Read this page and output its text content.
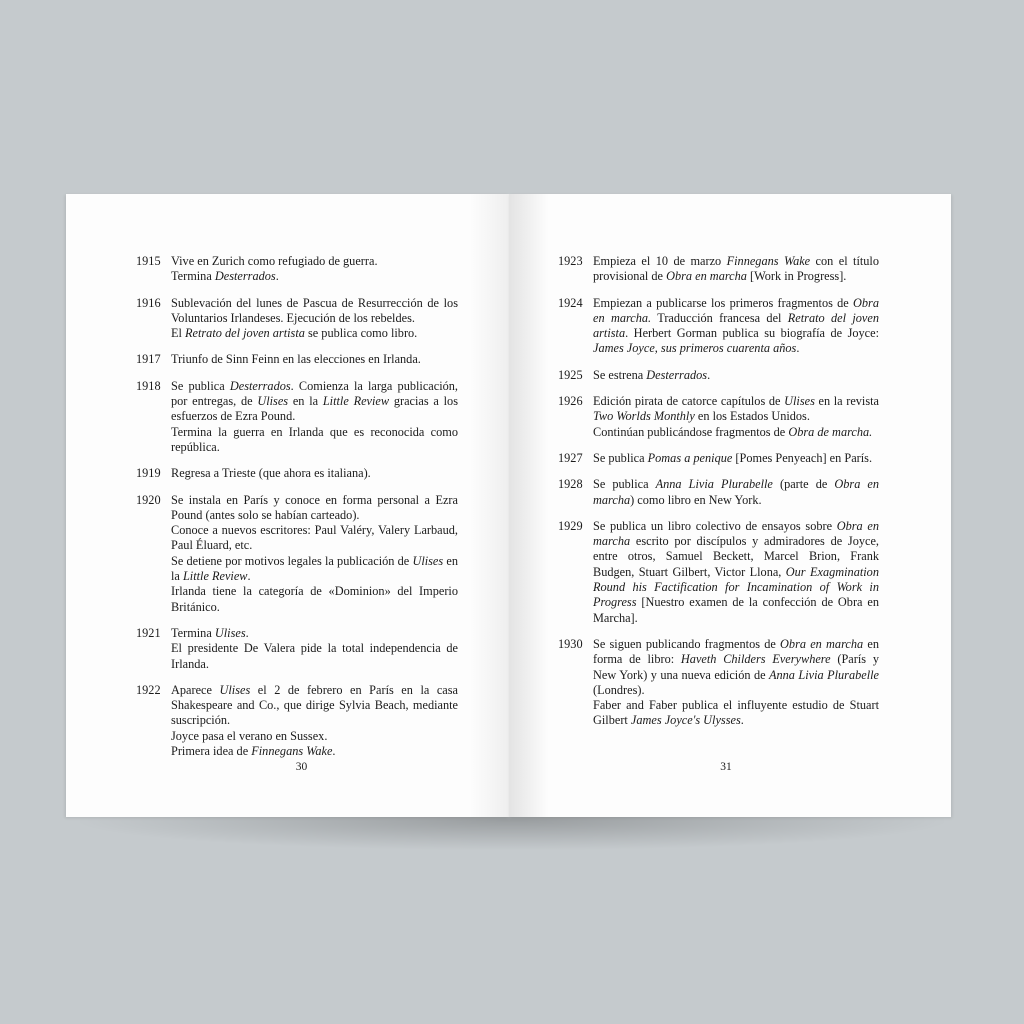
1915 Vive en Zurich como refugiado de guerra.
Termina Desterrados.
1916 Sublevación del lunes de Pascua de Resurrección de los Voluntarios Irlandeses. Ejecución de los rebeldes.
El Retrato del joven artista se publica como libro.
1917 Triunfo de Sinn Feinn en las elecciones en Irlanda.
1918 Se publica Desterrados. Comienza la larga publicación, por entregas, de Ulises en la Little Review gracias a los esfuerzos de Ezra Pound.
Termina la guerra en Irlanda que es reconocida como república.
1919 Regresa a Trieste (que ahora es italiana).
1920 Se instala en París y conoce en forma personal a Ezra Pound (antes solo se habían carteado).
Conoce a nuevos escritores: Paul Valéry, Valery Larbaud, Paul Éluard, etc.
Se detiene por motivos legales la publicación de Ulises en la Little Review.
Irlanda tiene la categoría de «Dominion» del Imperio Británico.
1921 Termina Ulises.
El presidente De Valera pide la total independencia de Irlanda.
1922 Aparece Ulises el 2 de febrero en París en la casa Shakespeare and Co., que dirige Sylvia Beach, mediante suscripción.
Joyce pasa el verano en Sussex.
Primera idea de Finnegans Wake.
30
1923 Empieza el 10 de marzo Finnegans Wake con el título provisional de Obra en marcha [Work in Progress].
1924 Empiezan a publicarse los primeros fragmentos de Obra en marcha. Traducción francesa del Retrato del joven artista. Herbert Gorman publica su biografía de Joyce: James Joyce, sus primeros cuarenta años.
1925 Se estrena Desterrados.
1926 Edición pirata de catorce capítulos de Ulises en la revista Two Worlds Monthly en los Estados Unidos.
Continúan publicándose fragmentos de Obra de marcha.
1927 Se publica Pomas a penique [Pomes Penyeach] en París.
1928 Se publica Anna Livia Plurabelle (parte de Obra en marcha) como libro en New York.
1929 Se publica un libro colectivo de ensayos sobre Obra en marcha escrito por discípulos y admiradores de Joyce, entre otros, Samuel Beckett, Marcel Brion, Frank Budgen, Stuart Gilbert, Victor Llona, Our Exagmination Round his Factification for Incamination of Work in Progress [Nuestro examen de la confección de Obra en Marcha].
1930 Se siguen publicando fragmentos de Obra en marcha en forma de libro: Haveth Childers Everywhere (París y New York) y una nueva edición de Anna Livia Plurabelle (Londres).
Faber and Faber publica el influyente estudio de Stuart Gilbert James Joyce's Ulysses.
31
